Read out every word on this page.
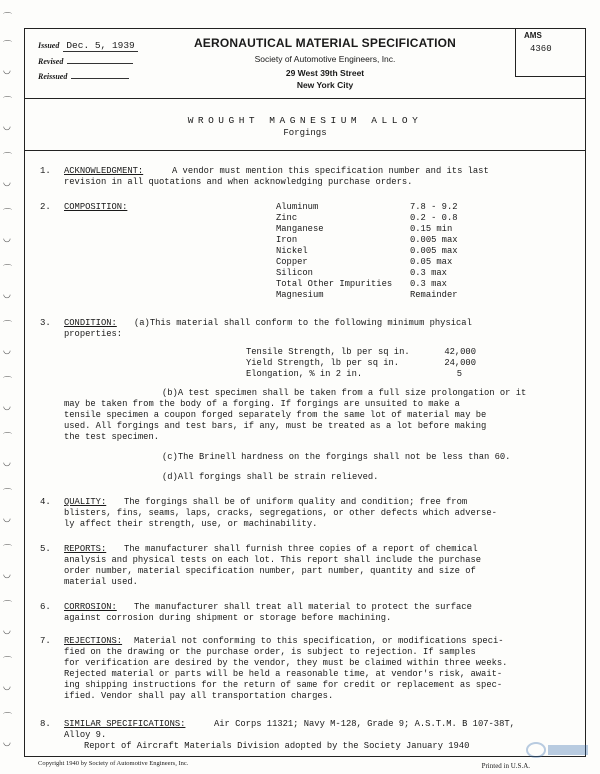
⌒
⌒
◡
⌒
◡
⌒
◡
⌒
◡
⌒
◡
⌒
◡
⌒
◡
⌒
◡
⌒
◡
⌒
◡
⌒
◡
⌒
◡
⌒
◡
AMS
4360
Issued Dec. 5, 1939
Revised
Reissued
AERONAUTICAL MATERIAL SPECIFICATION
Society of Automotive Engineers, Inc.
29 West 39th Street
New York City
WROUGHT MAGNESIUM ALLOY
Forgings
1. ACKNOWLEDGMENT:	A vendor must mention this specification number and its last
revision in all quotations and when acknowledging purchase orders.
2. COMPOSITION:	Aluminum	7.8 - 9.2
Zinc	0.2 - 0.8
Manganese	0.15 min
Iron	0.005 max
Nickel	0.005 max
Copper	0.05 max
Silicon	0.3 max
Total Other Impurities 0.3 max
Magnesium	Remainder
3. CONDITION: (a)This material shall conform to the following minimum physical
properties:
Tensile Strength, lb per sq in.	42,000
Yield Strength, lb per sq in.	24,000
Elongation, % in 2 in.	5
(b)A test specimen shall be taken from a full size prolongation or it
may be taken from the body of a forging. If forgings are unsuited to make a
tensile specimen a coupon forged separately from the same lot of material may be
used. All forgings and test bars, if any, must be treated as a lot before making
the test specimen.
(c)The Brinell hardness on the forgings shall not be less than 60.
(d)All forgings shall be strain relieved.
4. QUALITY: The forgings shall be of uniform quality and condition; free from
blisters, fins, seams, laps, cracks, segregations, or other defects which adverse-
ly affect their strength, use, or machinability.
5. REPORTS: The manufacturer shall furnish three copies of a report of chemical
analysis and physical tests on each lot. This report shall include the purchase
order number, material specification number, part number, quantity and size of
material used.
6. CORROSION: The manufacturer shall treat all material to protect the surface
against corrosion during shipment or storage before machining.
7. REJECTIONS: Material not conforming to this specification, or modifications speci-
fied on the drawing or the purchase order, is subject to rejection. If samples
for verification are desired by the vendor, they must be claimed within three weeks.
Rejected material or parts will be held a reasonable time, at vendor's risk, await-
ing shipping instructions for the return of same for credit or replacement as spec-
ified. Vendor shall pay all transportation charges.
8. SIMILAR SPECIFICATIONS:	Air Corps 11321; Navy M-128, Grade 9; A.S.T.M. B 107-38T,
Alloy 9.
Report of Aircraft Materials Division adopted by the Society January 1940
Copyright 1940 by Society of Automotive Engineers, Inc.	Printed in U.S.A.
